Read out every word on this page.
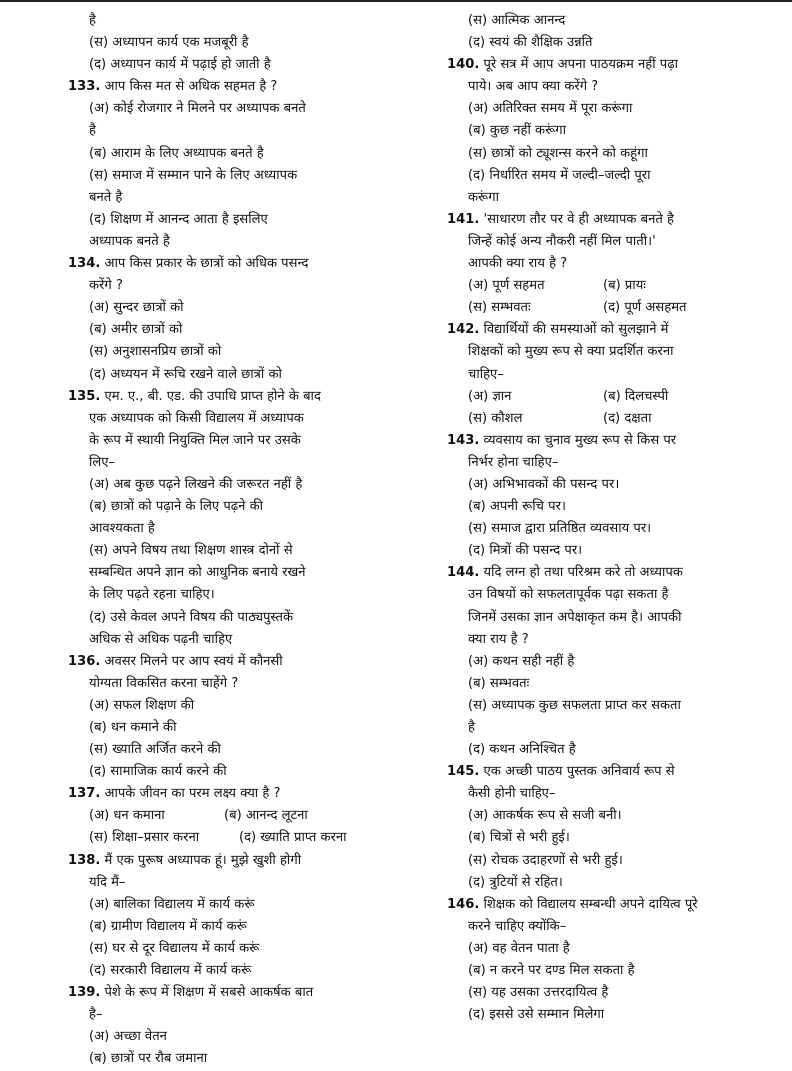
है
(स) अध्यापन कार्य एक मजबूरी है
(द) अध्यापन कार्य में पढ़ाई हो जाती है
133. आप किस मत से अधिक सहमत है ?
(अ) कोई रोजगार ने मिलने पर अध्यापक बनते
है
(ब) आराम के लिए अध्यापक बनते है
(स) समाज में सम्मान पाने के लिए अध्यापक
बनते है
(द) शिक्षण में आनन्द आता है इसलिए
अध्यापक बनते है
134. आप किस प्रकार के छात्रों को अधिक पसन्द
करेंगे ?
(अ) सुन्दर छात्रों को
(ब) अमीर छात्रों को
(स) अनुशासनप्रिय छात्रों को
(द) अध्ययन में रूचि रखने वाले छात्रों को
135. एम. ए., बी. एड. की उपाधि प्राप्त होने के बाद
एक अध्यापक को किसी विद्यालय में अध्यापक
के रूप में स्थायी नियुक्ति मिल जाने पर उसके
लिए–
(अ) अब कुछ पढ़ने लिखने की जरूरत नहीं है
(ब) छात्रों को पढ़ाने के लिए पढ़ने की
आवश्यकता है
(स) अपने विषय तथा शिक्षण शास्त्र दोनों से
सम्बन्धित अपने ज्ञान को आधुनिक बनाये रखने
के लिए पढ़ते रहना चाहिए।
(द) उसे केवल अपने विषय की पाठ्यपुस्तकें
अधिक से अधिक पढ़नी चाहिए
136. अवसर मिलने पर आप स्वयं में कौनसी
योग्यता विकसित करना चाहेंगे ?
(अ) सफल शिक्षण की
(ब) धन कमाने की
(स) ख्याति अर्जित करने की
(द) सामाजिक कार्य करने की
137. आपके जीवन का परम लक्ष्य क्या है ?
(अ) धन कमाना	(ब) आनन्द लूटना
(स) शिक्षा–प्रसार करना	(द) ख्याति प्राप्त करना
138. मैं एक पुरूष अध्यापक हूं। मुझे खुशी होगी
यदि मैं–
(अ) बालिका विद्यालय में कार्य करूं
(ब) ग्रामीण विद्यालय में कार्य करूं
(स) घर से दूर विद्यालय में कार्य करूं
(द) सरकारी विद्यालय में कार्य करूं
139. पेशे के रूप में शिक्षण में सबसे आकर्षक बात
है–
(अ) अच्छा वेतन
(ब) छात्रों पर रौब जमाना
(स) आत्मिक आनन्द
(द) स्वयं की शैक्षिक उन्नति
140. पूरे सत्र में आप अपना पाठयक्रम नहीं पढ़ा
पाये। अब आप क्या करेंगे ?
(अ) अतिरिक्त समय में पूरा करूंगा
(ब) कुछ नहीं करूंगा
(स) छात्रों को ट्यूशन्स करने को कहूंगा
(द) निर्धारित समय में जल्दी–जल्दी पूरा
करूंगा
141. 'साधारण तौर पर वे ही अध्यापक बनते है
जिन्हें कोई अन्य नौकरी नहीं मिल पाती।'
आपकी क्या राय है ?
(अ) पूर्ण सहमत	(ब) प्रायः
(स) सम्भवतः	(द) पूर्ण असहमत
142. विद्यार्थियों की समस्याओं को सुलझाने में
शिक्षकों को मुख्य रूप से क्या प्रदर्शित करना
चाहिए–
(अ) ज्ञान	(ब) दिलचस्पी
(स) कौशल	(द) दक्षता
143. व्यवसाय का चुनाव मुख्य रूप से किस पर
निर्भर होना चाहिए–
(अ) अभिभावकों की पसन्द पर।
(ब) अपनी रूचि पर।
(स) समाज द्वारा प्रतिष्ठित व्यवसाय पर।
(द) मित्रों की पसन्द पर।
144. यदि लग्न हो तथा परिश्रम करे तो अध्यापक
उन विषयों को सफलतापूर्वक पढ़ा सकता है
जिनमें उसका ज्ञान अपेक्षाकृत कम है। आपकी
क्या राय है ?
(अ) कथन सही नहीं है
(ब) सम्भवतः
(स) अध्यापक कुछ सफलता प्राप्त कर सकता
है
(द) कथन अनिश्चित है
145. एक अच्छी पाठय पुस्तक अनिवार्य रूप से
कैसी होनी चाहिए–
(अ) आकर्षक रूप से सजी बनी।
(ब) चित्रों से भरी हुई।
(स) रोचक उदाहरणों से भरी हुई।
(द) त्रुटियों से रहित।
146. शिक्षक को विद्यालय सम्बन्धी अपने दायित्व पूरे
करने चाहिए क्योंकि–
(अ) वह वेतन पाता है
(ब) न करने पर दण्ड मिल सकता है
(स) यह उसका उत्तरदायित्व है
(द) इससे उसे सम्मान मिलेगा
